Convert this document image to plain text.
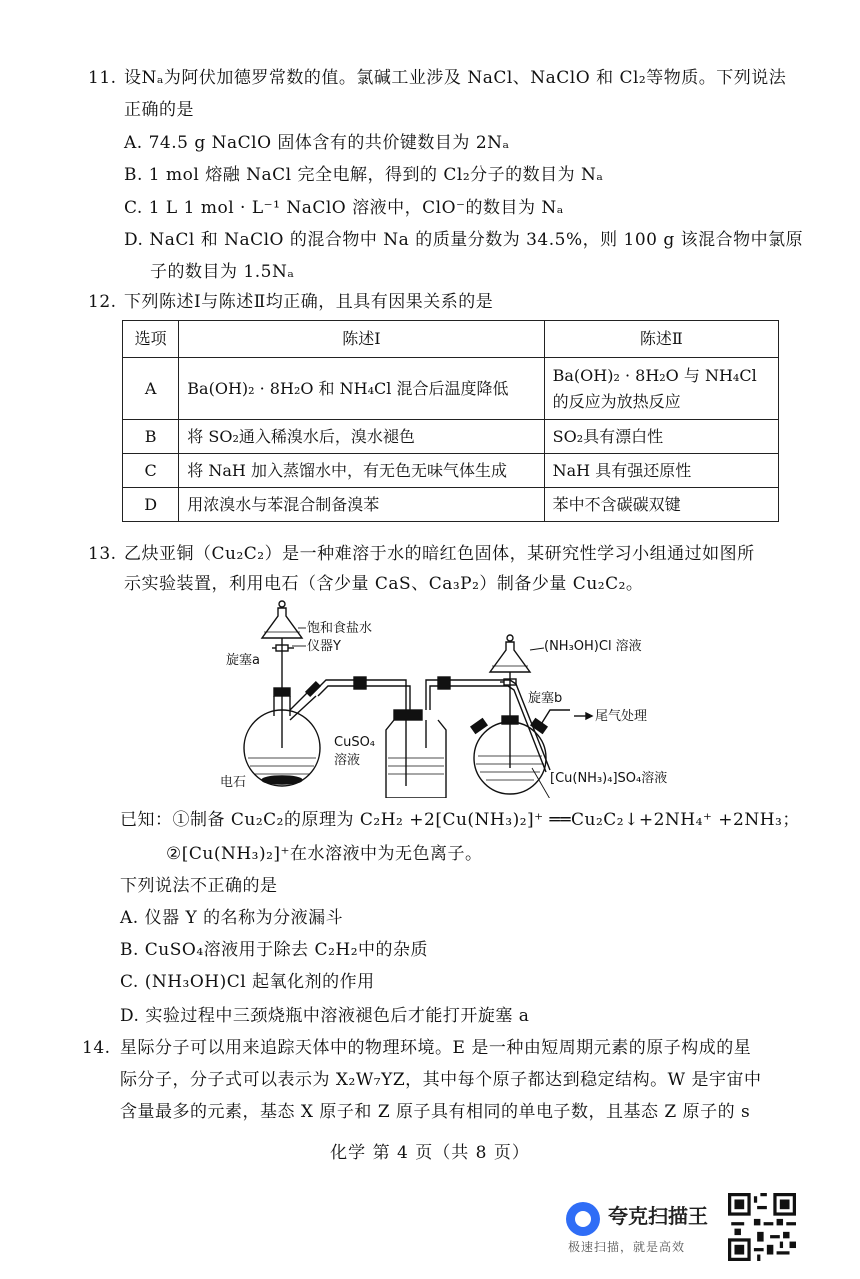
11. 设Nₐ为阿伏加德罗常数的值。氯碱工业涉及 NaCl、NaClO 和 Cl₂等物质。下列说法
正确的是
A. 74.5 g NaClO 固体含有的共价键数目为 2Nₐ
B. 1 mol 熔融 NaCl 完全电解，得到的 Cl₂分子的数目为 Nₐ
C. 1 L 1 mol · L⁻¹ NaClO 溶液中，ClO⁻的数目为 Nₐ
D. NaCl 和 NaClO 的混合物中 Na 的质量分数为 34.5%，则 100 g 该混合物中氯原
子的数目为 1.5Nₐ
12. 下列陈述Ⅰ与陈述Ⅱ均正确，且具有因果关系的是
选项	陈述Ⅰ	陈述Ⅱ
A	Ba(OH)₂ · 8H₂O 和 NH₄Cl 混合后温度降低	Ba(OH)₂ · 8H₂O 与 NH₄Cl
的反应为放热反应

B	将 SO₂通入稀溴水后，溴水褪色	SO₂具有漂白性
C	将 NaH 加入蒸馏水中，有无色无味气体生成	NaH 具有强还原性
D	用浓溴水与苯混合制备溴苯	苯中不含碳碳双键
13. 乙炔亚铜（Cu₂C₂）是一种难溶于水的暗红色固体，某研究性学习小组通过如图所
示实验装置，利用电石（含少量 CaS、Ca₃P₂）制备少量 Cu₂C₂。
饱和食盐水
仪器Y
旋塞a
电石
CuSO₄
溶液
(NH₃OH)Cl 溶液
旋塞b
尾气处理
[Cu(NH₃)₄]SO₄溶液
已知：①制备 Cu₂C₂的原理为 C₂H₂ +2[Cu(NH₃)₂]⁺ ══Cu₂C₂↓+2NH₄⁺ +2NH₃；
②[Cu(NH₃)₂]⁺在水溶液中为无色离子。
下列说法不正确的是
A. 仪器 Y 的名称为分液漏斗
B. CuSO₄溶液用于除去 C₂H₂中的杂质
C. (NH₃OH)Cl 起氧化剂的作用
D. 实验过程中三颈烧瓶中溶液褪色后才能打开旋塞 a
14. 星际分子可以用来追踪天体中的物理环境。E 是一种由短周期元素的原子构成的星
际分子，分子式可以表示为 X₂W₇YZ，其中每个原子都达到稳定结构。W 是宇宙中
含量最多的元素，基态 X 原子和 Z 原子具有相同的单电子数，且基态 Z 原子的 s
化学 第 4 页（共 8 页）
夸克扫描王
极速扫描，就是高效
